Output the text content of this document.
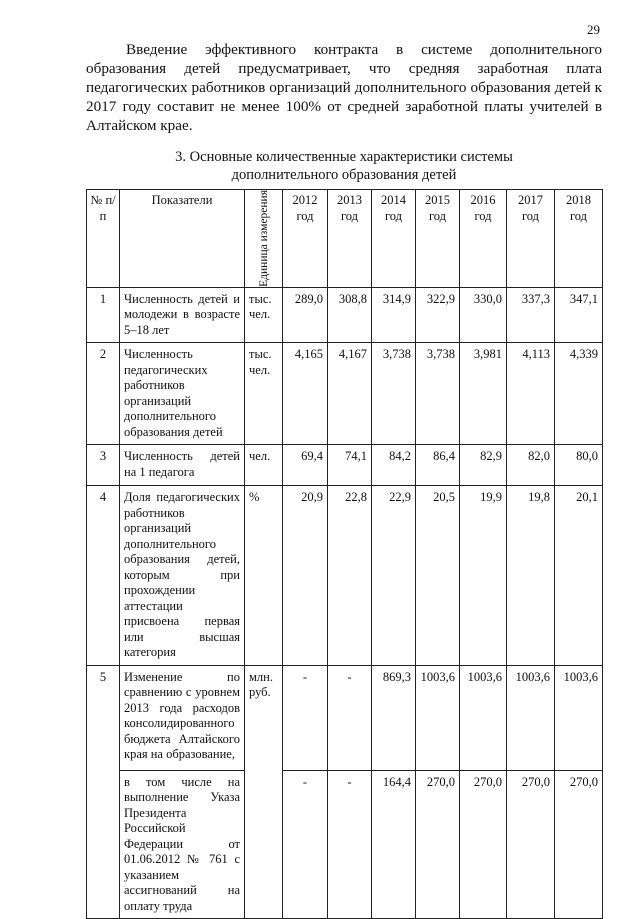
29

Введение эффективного контракта в системе дополнительного образования детей предусматривает, что средняя заработная плата педагогических работников организаций дополнительного образования детей к 2017 году составит не менее 100% от средней заработной платы учителей в Алтайском крае.

3. Основные количественные характеристики системы
дополнительного образования детей
№ п/п	Показатели	Единица измерения	2012 год	2013 год	2014 год	2015 год	2016 год	2017 год	2018 год
1	Численность детей и молодежи в возрасте 5–18 лет	тыс. чел.	289,0	308,8	314,9	322,9	330,0	337,3	347,1
2	Численность педагогических работников организаций дополнительного образования детей	тыс. чел.	4,165	4,167	3,738	3,738	3,981	4,113	4,339
3	Численность детей на 1 педагога	чел.	69,4	74,1	84,2	86,4	82,9	82,0	80,0
4	Доля педагогических работников организаций дополнительного образования детей, которым при прохождении аттестации присвоена первая или высшая категория	%	20,9	22,8	22,9	20,5	19,9	19,8	20,1
5	Изменение по сравнению с уровнем 2013 года расходов консолидированного бюджета Алтайского края на образование,	млн. руб.	-	-	869,3	1003,6	1003,6	1003,6	1003,6
	в том числе на выполнение Указа Президента Российской Федерации от 01.06.2012 № 761 с указанием ассигнований на оплату труда		-	-	164,4	270,0	270,0	270,0	270,0
